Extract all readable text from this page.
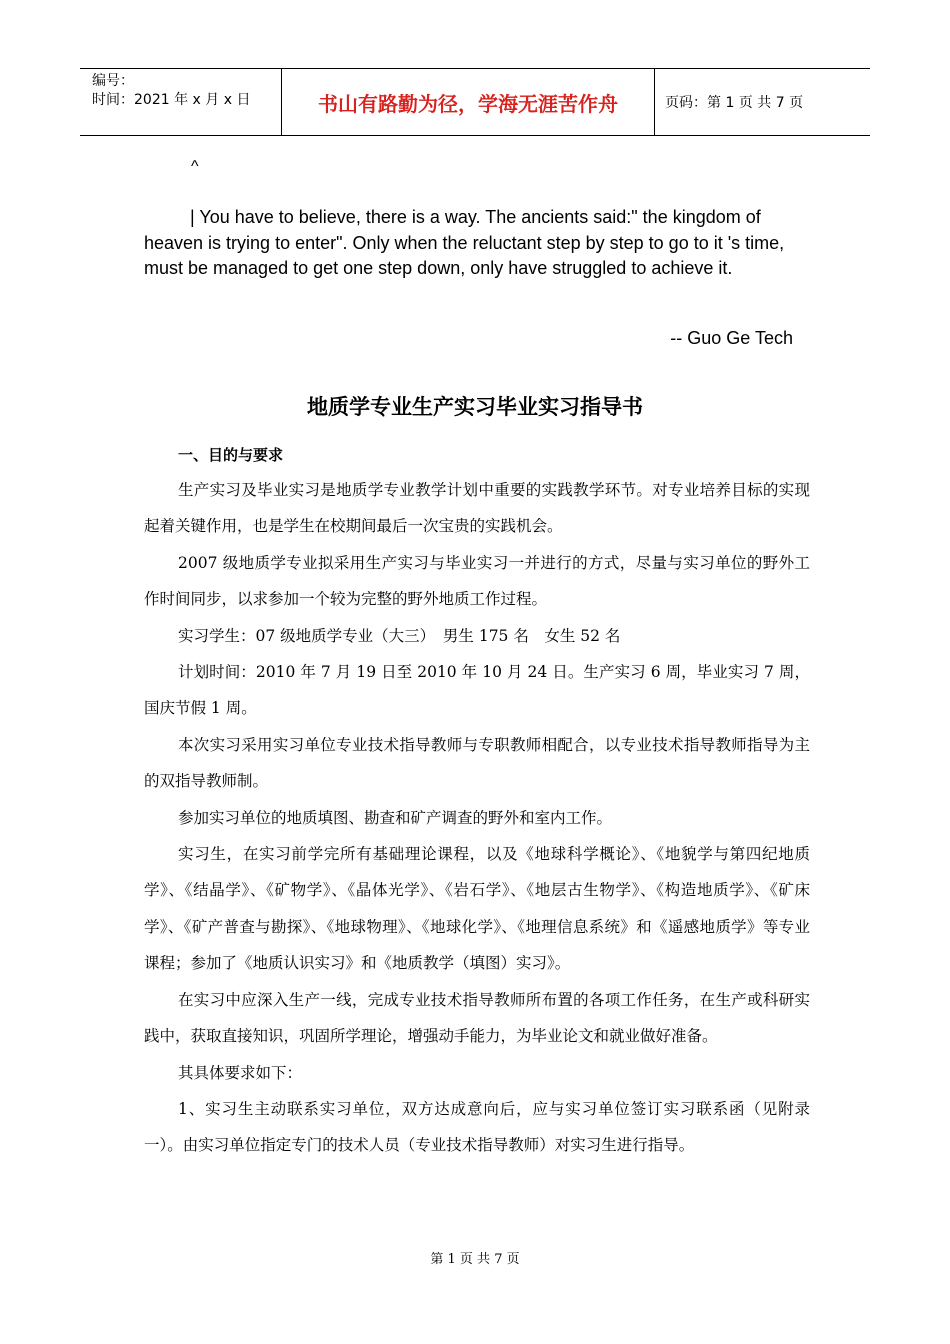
编号：
时间：2021 年 x 月 x 日	书山有路勤为径，学海无涯苦作舟	页码：第 1 页 共 7 页
^

| You have to believe, there is a way. The ancients said:" the kingdom of heaven is trying to enter". Only when the reluctant step by step to go to it 's time, must be managed to get one step down, only have struggled to achieve it.

-- Guo Ge Tech
地质学专业生产实习毕业实习指导书
一、目的与要求

生产实习及毕业实习是地质学专业教学计划中重要的实践教学环节。对专业培养目标的实现起着关键作用，也是学生在校期间最后一次宝贵的实践机会。

2007 级地质学专业拟采用生产实习与毕业实习一并进行的方式，尽量与实习单位的野外工作时间同步，以求参加一个较为完整的野外地质工作过程。

实习学生：07 级地质学专业（大三）　男生 175 名　女生 52 名

计划时间：2010 年 7 月 19 日至 2010 年 10 月 24 日。生产实习 6 周，毕业实习 7 周，国庆节假 1 周。

本次实习采用实习单位专业技术指导教师与专职教师相配合，以专业技术指导教师指导为主的双指导教师制。

参加实习单位的地质填图、勘查和矿产调查的野外和室内工作。

实习生，在实习前学完所有基础理论课程，以及《地球科学概论》、《地貌学与第四纪地质学》、《结晶学》、《矿物学》、《晶体光学》、《岩石学》、《地层古生物学》、《构造地质学》、《矿床学》、《矿产普查与勘探》、《地球物理》、《地球化学》、《地理信息系统》和《遥感地质学》等专业课程；参加了《地质认识实习》和《地质教学（填图）实习》。

在实习中应深入生产一线，完成专业技术指导教师所布置的各项工作任务，在生产或科研实践中，获取直接知识，巩固所学理论，增强动手能力，为毕业论文和就业做好准备。

其具体要求如下：

1、实习生主动联系实习单位，双方达成意向后，应与实习单位签订实习联系函（见附录一）。由实习单位指定专门的技术人员（专业技术指导教师）对实习生进行指导。

第 1 页 共 7 页
